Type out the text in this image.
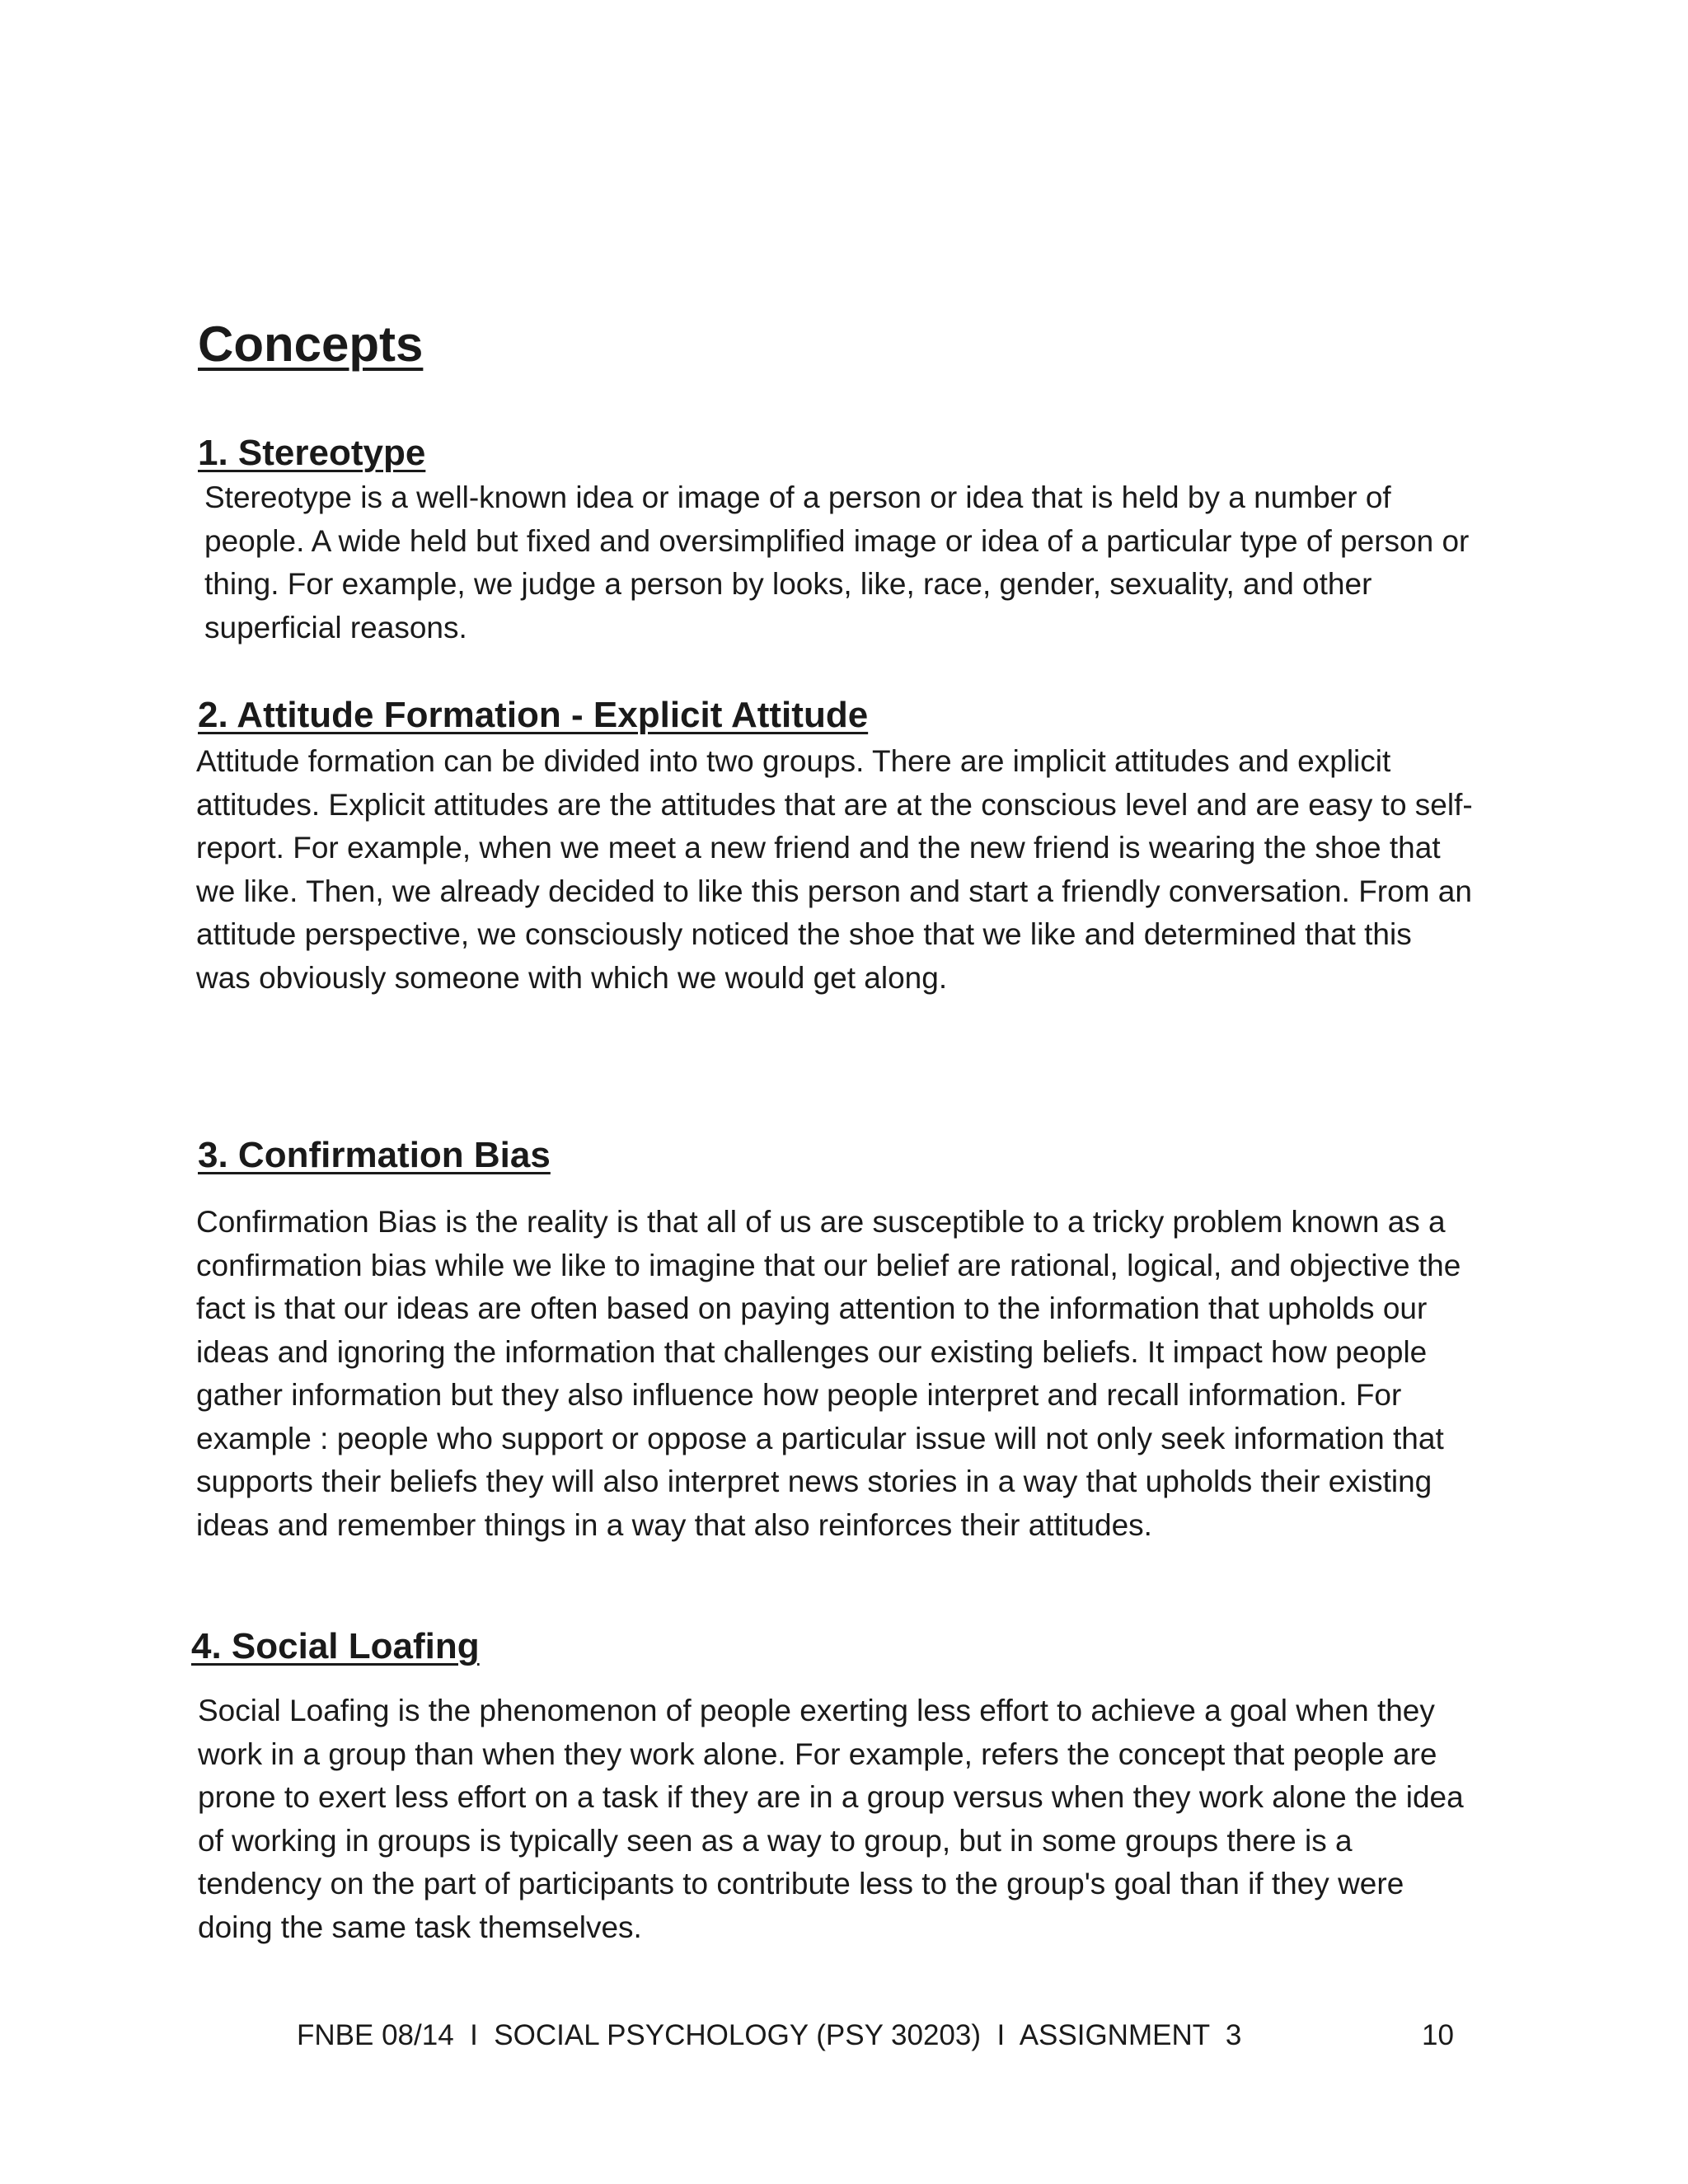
Concepts
1. Stereotype

Stereotype is a well-known idea or image of a person or idea that is held by a number of people. A wide held but fixed and oversimplified image or idea of a particular type of person or thing. For example, we judge a person by looks, like, race, gender, sexuality, and other superficial reasons.

2. Attitude Formation - Explicit Attitude

Attitude formation can be divided into two groups. There are implicit attitudes and explicit attitudes. Explicit attitudes are the attitudes that are at the conscious level and are easy to self-report. For example, when we meet a new friend and the new friend is wearing the shoe that we like. Then, we already decided to like this person and start a friendly conversation. From an attitude perspective, we consciously noticed the shoe that we like and determined that this was obviously someone with which we would get along.

3. Confirmation Bias

Confirmation Bias is the reality is that all of us are susceptible to a tricky problem known as a confirmation bias while we like to imagine that our belief are rational, logical, and objective the fact is that our ideas are often based on paying attention to the information that upholds our ideas and ignoring the information that challenges our existing beliefs. It impact how people gather information but they also influence how people interpret and recall information. For example : people who support or oppose a particular issue will not only seek information that supports their beliefs they will also interpret news stories in a way that upholds their existing ideas and remember things in a way that also reinforces their attitudes.

4. Social Loafing

Social Loafing is the phenomenon of people exerting less effort to achieve a goal when they work in a group than when they work alone. For example, refers the concept that people are prone to exert less effort on a task if they are in a group versus when they work alone the idea of working in groups is typically seen as a way to group, but in some groups there is a tendency on the part of participants to contribute less to the group's goal than if they were doing the same task themselves.

FNBE 08/14  I  SOCIAL PSYCHOLOGY (PSY 30203)  I  ASSIGNMENT  3	10
